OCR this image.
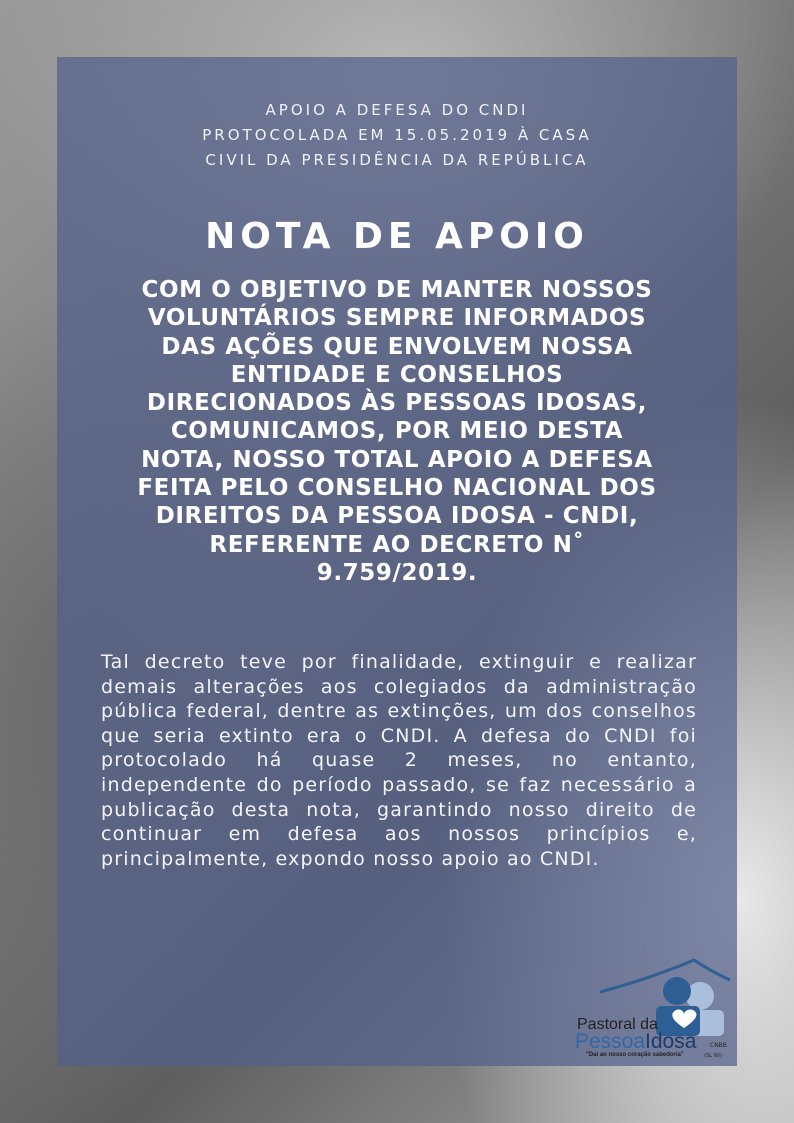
APOIO A DEFESA DO CNDI
PROTOCOLADA EM 15.05.2019 À CASA
CIVIL DA PRESIDÊNCIA DA REPÚBLICA
NOTA DE APOIO
COM O OBJETIVO DE MANTER NOSSOS
VOLUNTÁRIOS SEMPRE INFORMADOS
DAS AÇÕES QUE ENVOLVEM NOSSA
ENTIDADE E CONSELHOS
DIRECIONADOS ÀS PESSOAS IDOSAS,
COMUNICAMOS, POR MEIO DESTA
NOTA, NOSSO TOTAL APOIO A DEFESA
FEITA PELO CONSELHO NACIONAL DOS
DIREITOS DA PESSOA IDOSA - CNDI,
REFERENTE AO DECRETO N˚
9.759/2019.
Tal decreto teve por finalidade, extinguir e realizar demais alterações aos colegiados da administração pública federal, dentre as extinções, um dos conselhos que seria extinto era o CNDI. A defesa do CNDI foi protocolado há quase 2 meses, no entanto, independente do período passado, se faz necessário a publicação desta nota, garantindo nosso direito de continuar em defesa aos nossos princípios e, principalmente, expondo nosso apoio ao CNDI.
Pastoral da
PessoaIdosa CNBB
"Dai ao nosso coração sabedoria"	(SL 90)
